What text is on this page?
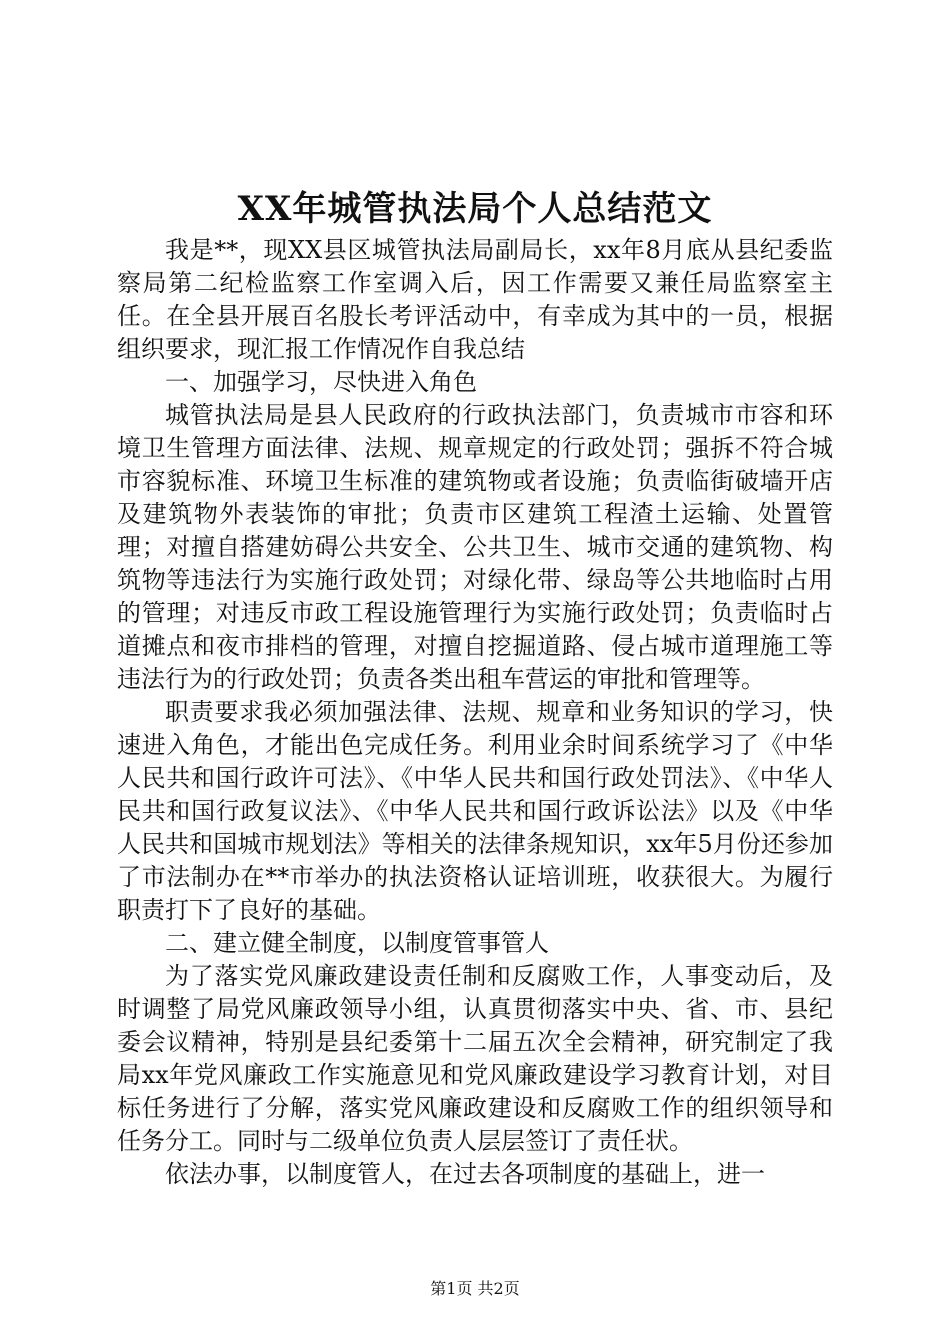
XX年城管执法局个人总结范文

我是**，现XX县区城管执法局副局长，xx年8月底从县纪委监察局第二纪检监察工作室调入后，因工作需要又兼任局监察室主任。在全县开展百名股长考评活动中，有幸成为其中的一员，根据组织要求，现汇报工作情况作自我总结

一、加强学习，尽快进入角色

城管执法局是县人民政府的行政执法部门，负责城市市容和环境卫生管理方面法律、法规、规章规定的行政处罚；强拆不符合城市容貌标准、环境卫生标准的建筑物或者设施；负责临街破墙开店及建筑物外表装饰的审批；负责市区建筑工程渣土运输、处置管理；对擅自搭建妨碍公共安全、公共卫生、城市交通的建筑物、构筑物等违法行为实施行政处罚；对绿化带、绿岛等公共地临时占用的管理；对违反市政工程设施管理行为实施行政处罚；负责临时占道摊点和夜市排档的管理，对擅自挖掘道路、侵占城市道理施工等违法行为的行政处罚；负责各类出租车营运的审批和管理等。

职责要求我必须加强法律、法规、规章和业务知识的学习，快速进入角色，才能出色完成任务。利用业余时间系统学习了《中华人民共和国行政许可法》、《中华人民共和国行政处罚法》、《中华人民共和国行政复议法》、《中华人民共和国行政诉讼法》以及《中华人民共和国城市规划法》等相关的法律条规知识，xx年5月份还参加了市法制办在**市举办的执法资格认证培训班，收获很大。为履行职责打下了良好的基础。

二、建立健全制度，以制度管事管人

为了落实党风廉政建设责任制和反腐败工作，人事变动后，及时调整了局党风廉政领导小组，认真贯彻落实中央、省、市、县纪委会议精神，特别是县纪委第十二届五次全会精神，研究制定了我局xx年党风廉政工作实施意见和党风廉政建设学习教育计划，对目标任务进行了分解，落实党风廉政建设和反腐败工作的组织领导和任务分工。同时与二级单位负责人层层签订了责任状。

依法办事，以制度管人，在过去各项制度的基础上，进一

第1页 共2页
